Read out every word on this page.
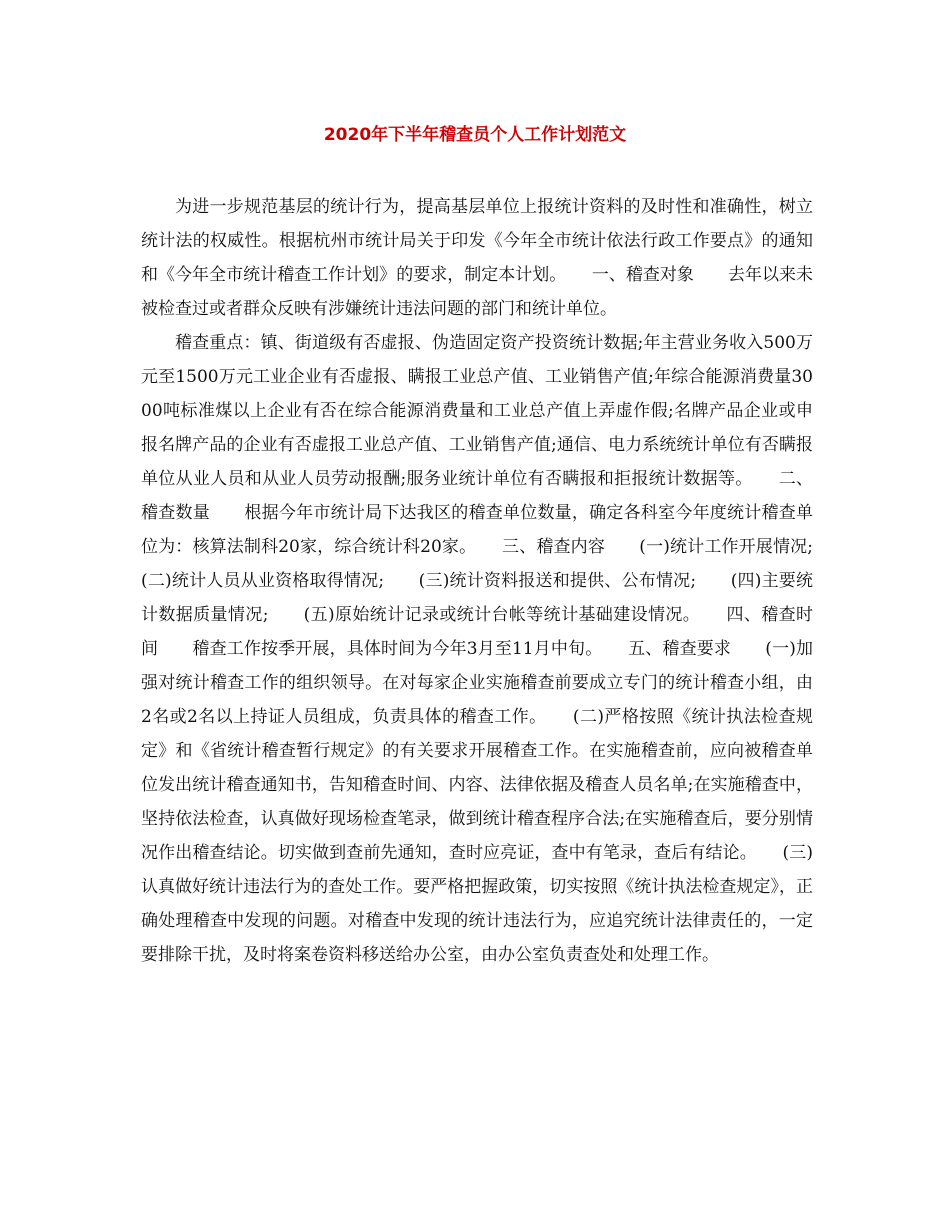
2020年下半年稽查员个人工作计划范文

为进一步规范基层的统计行为，提高基层单位上报统计资料的及时性和准确性，树立统计法的权威性。根据杭州市统计局关于印发《今年全市统计依法行政工作要点》的通知和《今年全市统计稽查工作计划》的要求，制定本计划。　　一、稽查对象　　去年以来未被检查过或者群众反映有涉嫌统计违法问题的部门和统计单位。

稽查重点：镇、街道级有否虚报、伪造固定资产投资统计数据;年主营业务收入500万元至1500万元工业企业有否虚报、瞒报工业总产值、工业销售产值;年综合能源消费量3000吨标准煤以上企业有否在综合能源消费量和工业总产值上弄虚作假;名牌产品企业或申报名牌产品的企业有否虚报工业总产值、工业销售产值;通信、电力系统统计单位有否瞒报单位从业人员和从业人员劳动报酬;服务业统计单位有否瞒报和拒报统计数据等。　　二、稽查数量　　根据今年市统计局下达我区的稽查单位数量，确定各科室今年度统计稽查单位为：核算法制科20家，综合统计科20家。　　三、稽查内容　　(一)统计工作开展情况;　　(二)统计人员从业资格取得情况;　　(三)统计资料报送和提供、公布情况;　　(四)主要统计数据质量情况;　　(五)原始统计记录或统计台帐等统计基础建设情况。　　四、稽查时间　　稽查工作按季开展，具体时间为今年3月至11月中旬。　　五、稽查要求　　(一)加强对统计稽查工作的组织领导。在对每家企业实施稽查前要成立专门的统计稽查小组，由2名或2名以上持证人员组成，负责具体的稽查工作。　　(二)严格按照《统计执法检查规定》和《省统计稽查暂行规定》的有关要求开展稽查工作。在实施稽查前，应向被稽查单位发出统计稽查通知书，告知稽查时间、内容、法律依据及稽查人员名单;在实施稽查中，坚持依法检查，认真做好现场检查笔录，做到统计稽查程序合法;在实施稽查后，要分别情况作出稽查结论。切实做到查前先通知，查时应亮证，查中有笔录，查后有结论。　　(三)认真做好统计违法行为的查处工作。要严格把握政策，切实按照《统计执法检查规定》，正确处理稽查中发现的问题。对稽查中发现的统计违法行为，应追究统计法律责任的，一定要排除干扰，及时将案卷资料移送给办公室，由办公室负责查处和处理工作。
